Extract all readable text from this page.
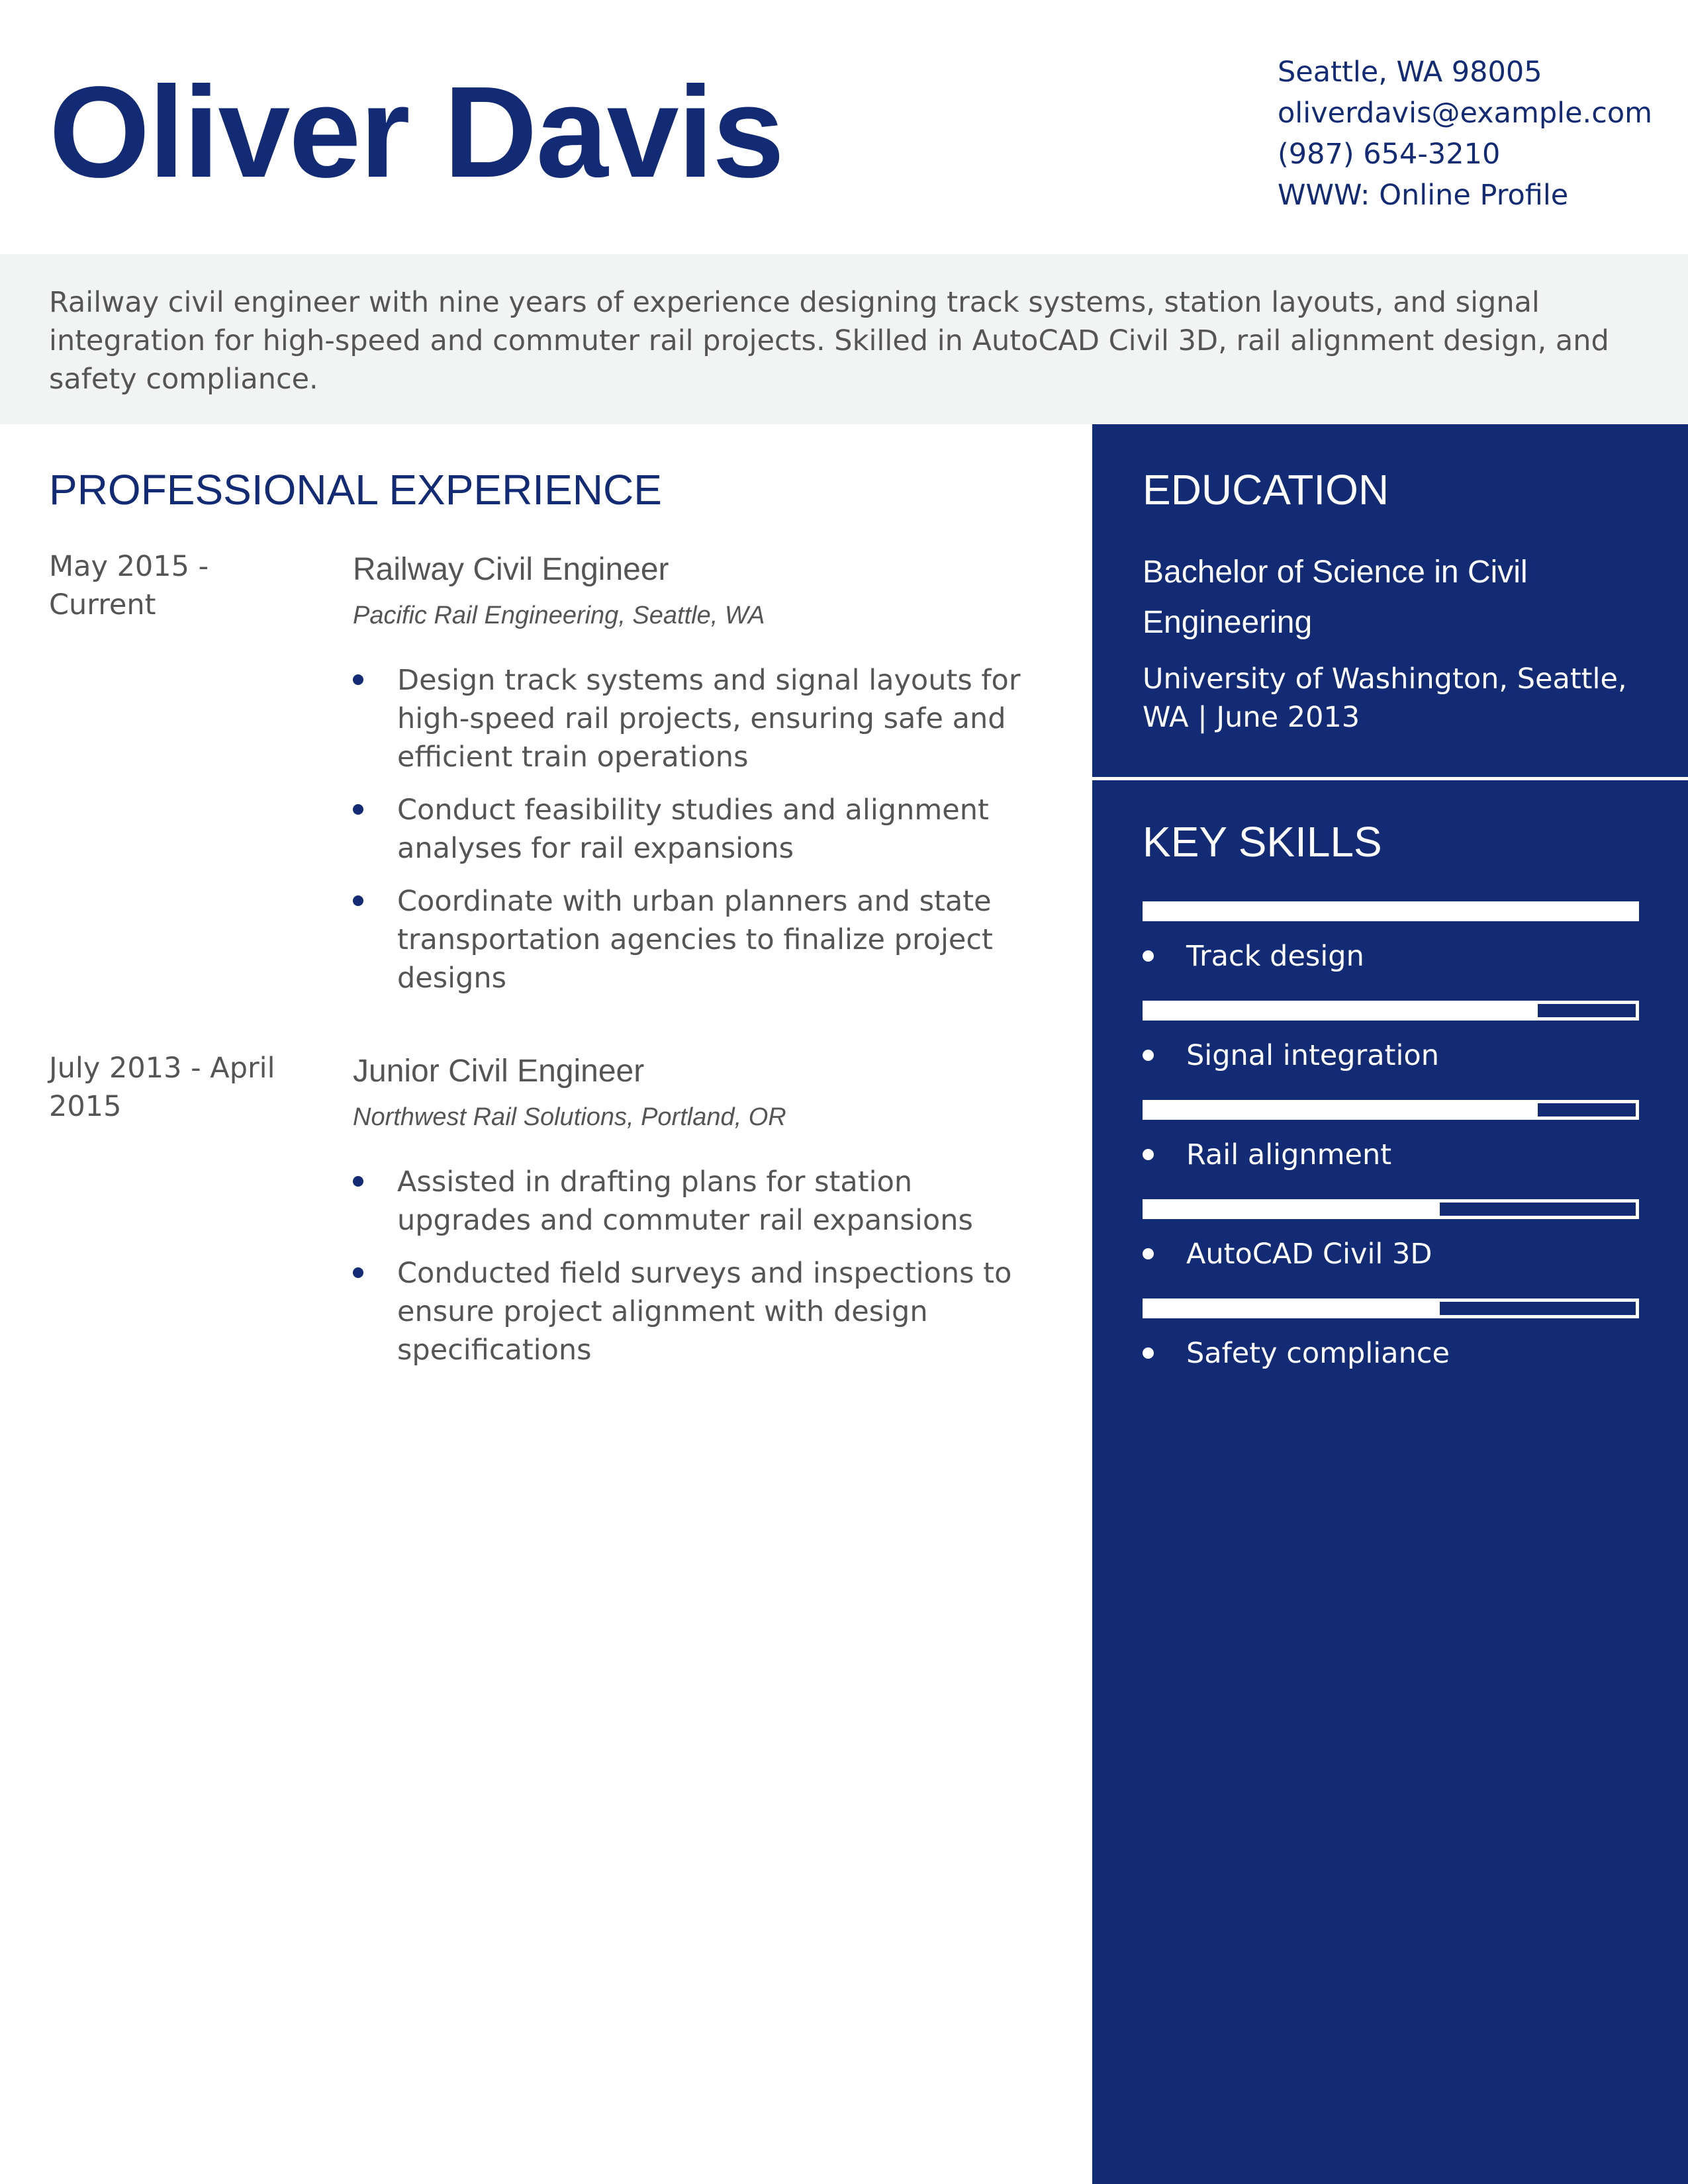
Oliver Davis	Seattle, WA 98005
oliverdavis@example.com
(987) 654-3210
WWW: Online Profile

Railway civil engineer with nine years of experience designing track systems, station layouts, and signal integration for high-speed and commuter rail projects. Skilled in AutoCAD Civil 3D, rail alignment design, and safety compliance.

PROFESSIONAL EXPERIENCE
May 2015 - Current
Railway Civil Engineer
Pacific Rail Engineering, Seattle, WA
Design track systems and signal layouts for high-speed rail projects, ensuring safe and efficient train operations
Conduct feasibility studies and alignment analyses for rail expansions
Coordinate with urban planners and state transportation agencies to finalize project designs
July 2013 - April 2015
Junior Civil Engineer
Northwest Rail Solutions, Portland, OR
Assisted in drafting plans for station upgrades and commuter rail expansions
Conducted field surveys and inspections to ensure project alignment with design specifications
EDUCATION
Bachelor of Science in Civil Engineering
University of Washington, Seattle, WA | June 2013
KEY SKILLS
Track design
Signal integration
Rail alignment
AutoCAD Civil 3D
Safety compliance
